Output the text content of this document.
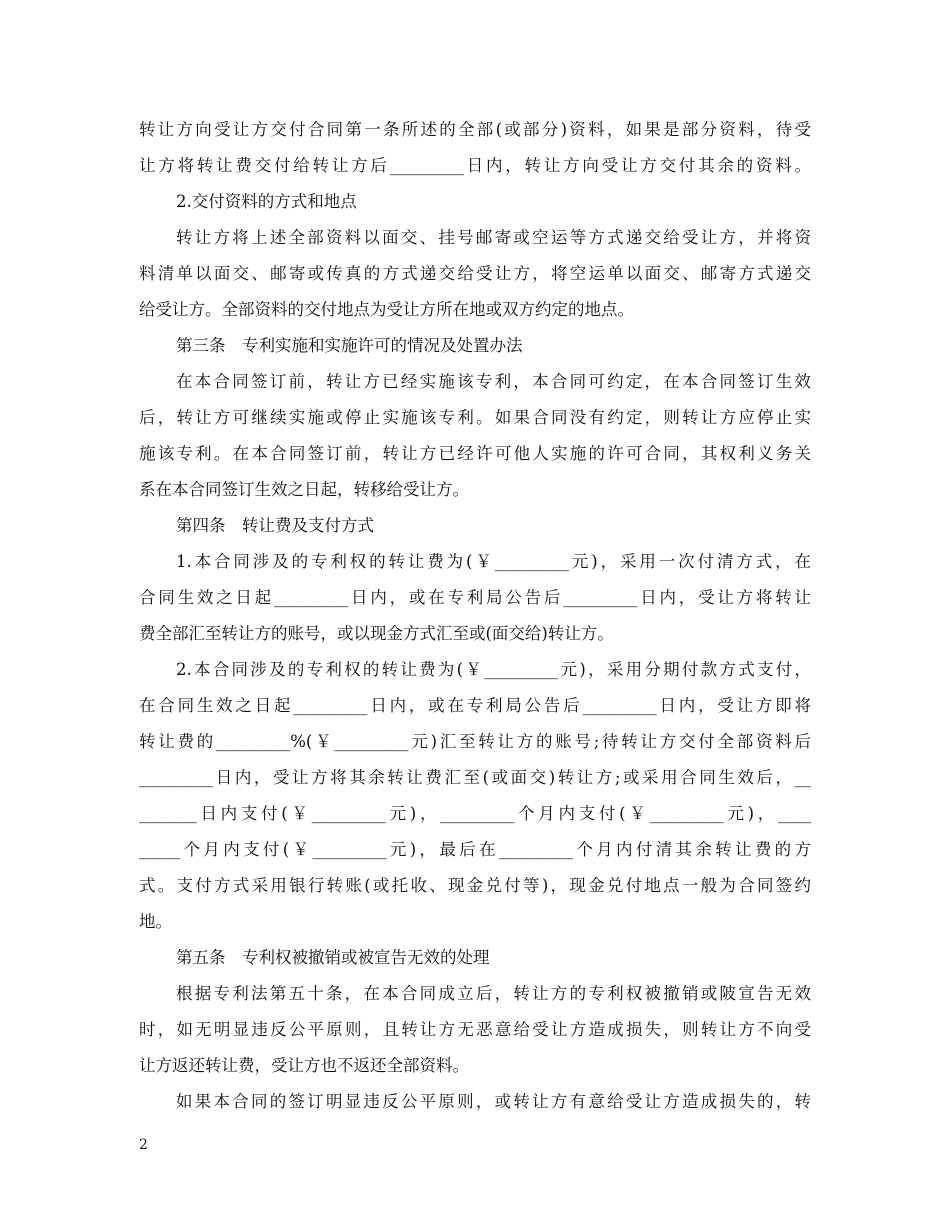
转让方向受让方交付合同第一条所述的全部(或部分)资料，如果是部分资料，待受
让方将转让费交付给转让方后_________日内，转让方向受让方交付其余的资料。
2.交付资料的方式和地点
转让方将上述全部资料以面交、挂号邮寄或空运等方式递交给受让方，并将资
料清单以面交、邮寄或传真的方式递交给受让方，将空运单以面交、邮寄方式递交
给受让方。全部资料的交付地点为受让方所在地或双方约定的地点。
第三条　专利实施和实施许可的情况及处置办法
在本合同签订前，转让方已经实施该专利，本合同可约定，在本合同签订生效
后，转让方可继续实施或停止实施该专利。如果合同没有约定，则转让方应停止实
施该专利。在本合同签订前，转让方已经许可他人实施的许可合同，其权利义务关
系在本合同签订生效之日起，转移给受让方。
第四条　转让费及支付方式
1.本合同涉及的专利权的转让费为(￥_________元)，采用一次付清方式，在
合同生效之日起_________日内，或在专利局公告后_________日内，受让方将转让
费全部汇至转让方的账号，或以现金方式汇至或(面交给)转让方。
2.本合同涉及的专利权的转让费为(￥_________元)，采用分期付款方式支付，
在合同生效之日起_________日内，或在专利局公告后_________日内，受让方即将
转让费的_________%(￥_________元)汇至转让方的账号;待转让方交付全部资料后
_________日内，受让方将其余转让费汇至(或面交)转让方;或采用合同生效后，__
_______日内支付(￥_________元)，_________个月内支付(￥_________元)，____
_____个月内支付(￥_________元)，最后在_________个月内付清其余转让费的方
式。支付方式采用银行转账(或托收、现金兑付等)，现金兑付地点一般为合同签约
地。
第五条　专利权被撤销或被宣告无效的处理
根据专利法第五十条，在本合同成立后，转让方的专利权被撤销或陂宣告无效
时，如无明显违反公平原则，且转让方无恶意给受让方造成损失，则转让方不向受
让方返还转让费，受让方也不返还全部资料。
如果本合同的签订明显违反公平原则，或转让方有意给受让方造成损失的，转
2
